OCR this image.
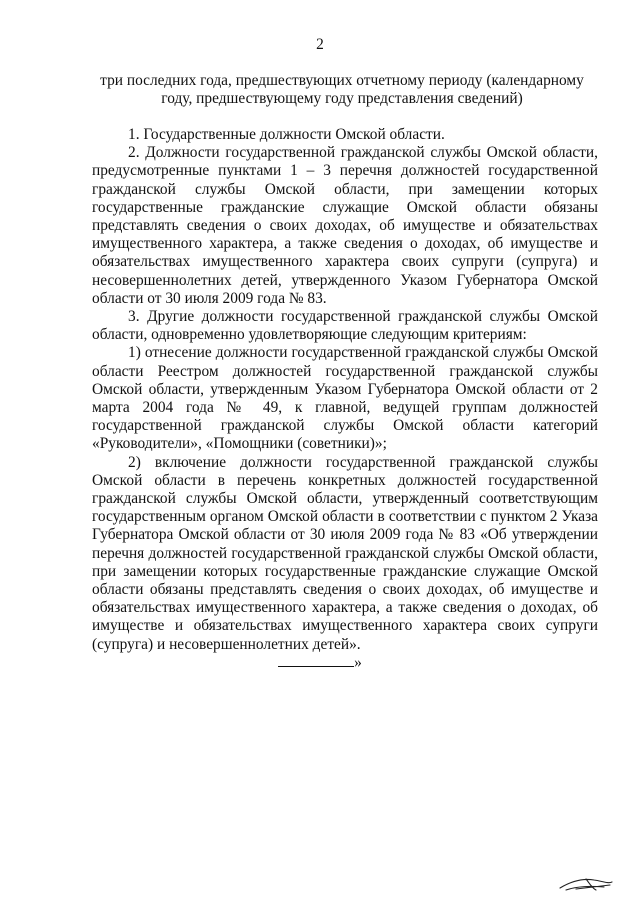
2
три последних года, предшествующих отчетному периоду (календарному году, предшествующему году представления сведений)

1. Государственные должности Омской области.

2. Должности государственной гражданской службы Омской области, предусмотренные пунктами 1 – 3 перечня должностей государственной гражданской службы Омской области, при замещении которых государственные гражданские служащие Омской области обязаны представлять сведения о своих доходах, об имуществе и обязательствах имущественного характера, а также сведения о доходах, об имуществе и обязательствах имущественного характера своих супруги (супруга) и несовершеннолетних детей, утвержденного Указом Губернатора Омской области от 30 июля 2009 года № 83.

3. Другие должности государственной гражданской службы Омской области, одновременно удовлетворяющие следующим критериям:

1) отнесение должности государственной гражданской службы Омской области Реестром должностей государственной гражданской службы Омской области, утвержденным Указом Губернатора Омской области от 2 марта 2004 года № 49, к главной, ведущей группам должностей государственной гражданской службы Омской области категорий «Руководители», «Помощники (советники)»;

2) включение должности государственной гражданской службы Омской области в перечень конкретных должностей государственной гражданской службы Омской области, утвержденный соответствующим государственным органом Омской области в соответствии с пунктом 2 Указа Губернатора Омской области от 30 июля 2009 года № 83 «Об утверждении перечня должностей государственной гражданской службы Омской области, при замещении которых государственные гражданские служащие Омской области обязаны представлять сведения о своих доходах, об имуществе и обязательствах имущественного характера, а также сведения о доходах, об имуществе и обязательствах имущественного характера своих супруги (супруга) и несовершеннолетних детей».

»
